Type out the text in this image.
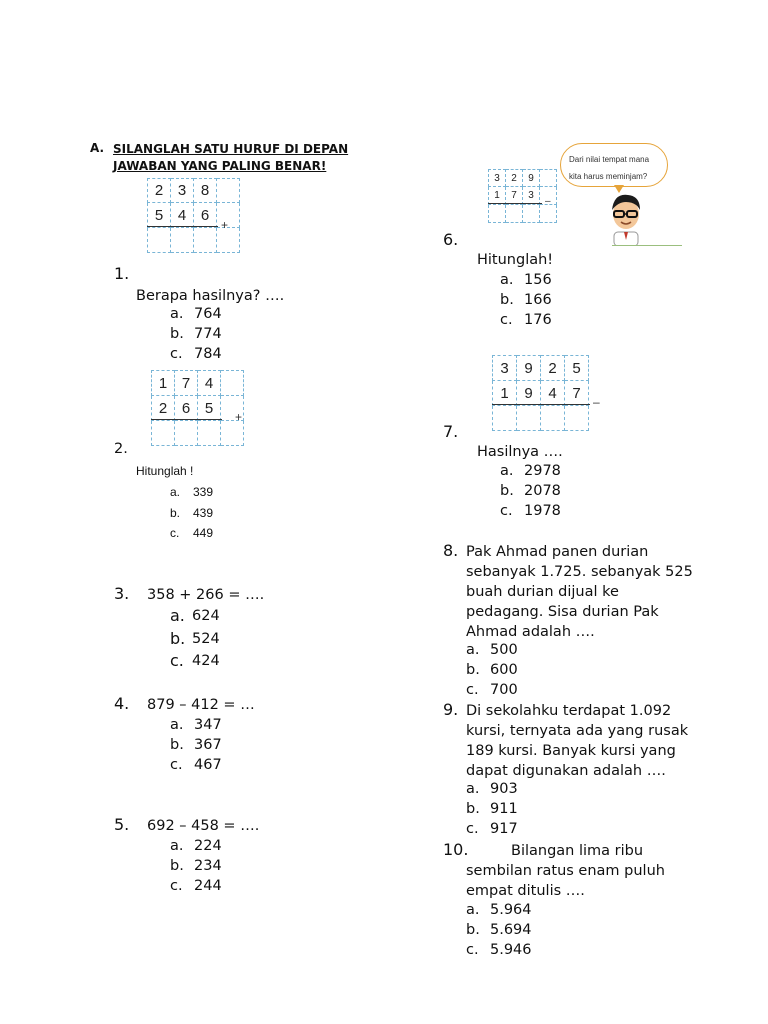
A. SILANGLAH SATU HURUF DI DEPAN
JAWABAN YANG PALING BENAR!
2	3	8	
5	4	6	

+
1.
Berapa hasilnya? ….
a. 764
b. 774
c. 784
1	7	4	
2	6	5	

+
2.
Hitunglah !
a.	339
b.	439
c.	449
3. 358 + 266 = ….
a. 624
b. 524
c. 424
4. 879 – 412 = …
a. 347
b. 367
c. 467
5. 692 – 458 = ….
a. 224
b. 234
c. 244
3	2	9	
1	7	3	

–
Dari nilai tempat mana
kita harus meminjam?
6.
Hitunglah!
a. 156
b. 166
c. 176
3	9	2	5
1	9	4	7

–
7.
Hasilnya ….
a. 2978
b. 2078
c. 1978
8. Pak Ahmad panen durian
sebanyak 1.725. sebanyak 525
buah durian dijual ke
pedagang. Sisa durian Pak
Ahmad adalah ….
a. 500
b. 600
c. 700
9. Di sekolahku terdapat 1.092
kursi, ternyata ada yang rusak
189 kursi. Banyak kursi yang
dapat digunakan adalah ….
a. 903
b. 911
c. 917
10.	Bilangan lima ribu
sembilan ratus enam puluh
empat ditulis ….
a. 5.964
b. 5.694
c. 5.946
